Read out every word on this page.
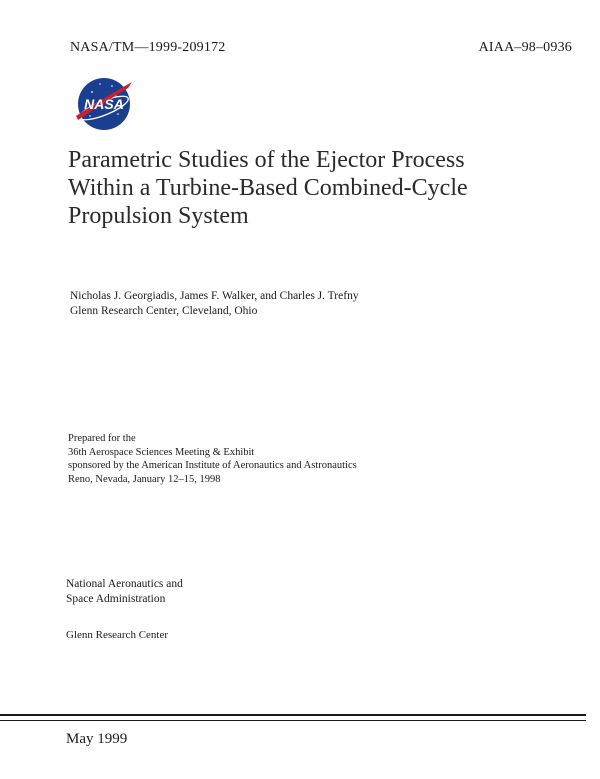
NASA/TM—1999-209172	AIAA–98–0936
NASA
Parametric Studies of the Ejector Process
Within a Turbine-Based Combined-Cycle
Propulsion System
Nicholas J. Georgiadis, James F. Walker, and Charles J. Trefny
Glenn Research Center, Cleveland, Ohio
Prepared for the
36th Aerospace Sciences Meeting & Exhibit
sponsored by the American Institute of Aeronautics and Astronautics
Reno, Nevada, January 12–15, 1998
National Aeronautics and
Space Administration
Glenn Research Center
May 1999
